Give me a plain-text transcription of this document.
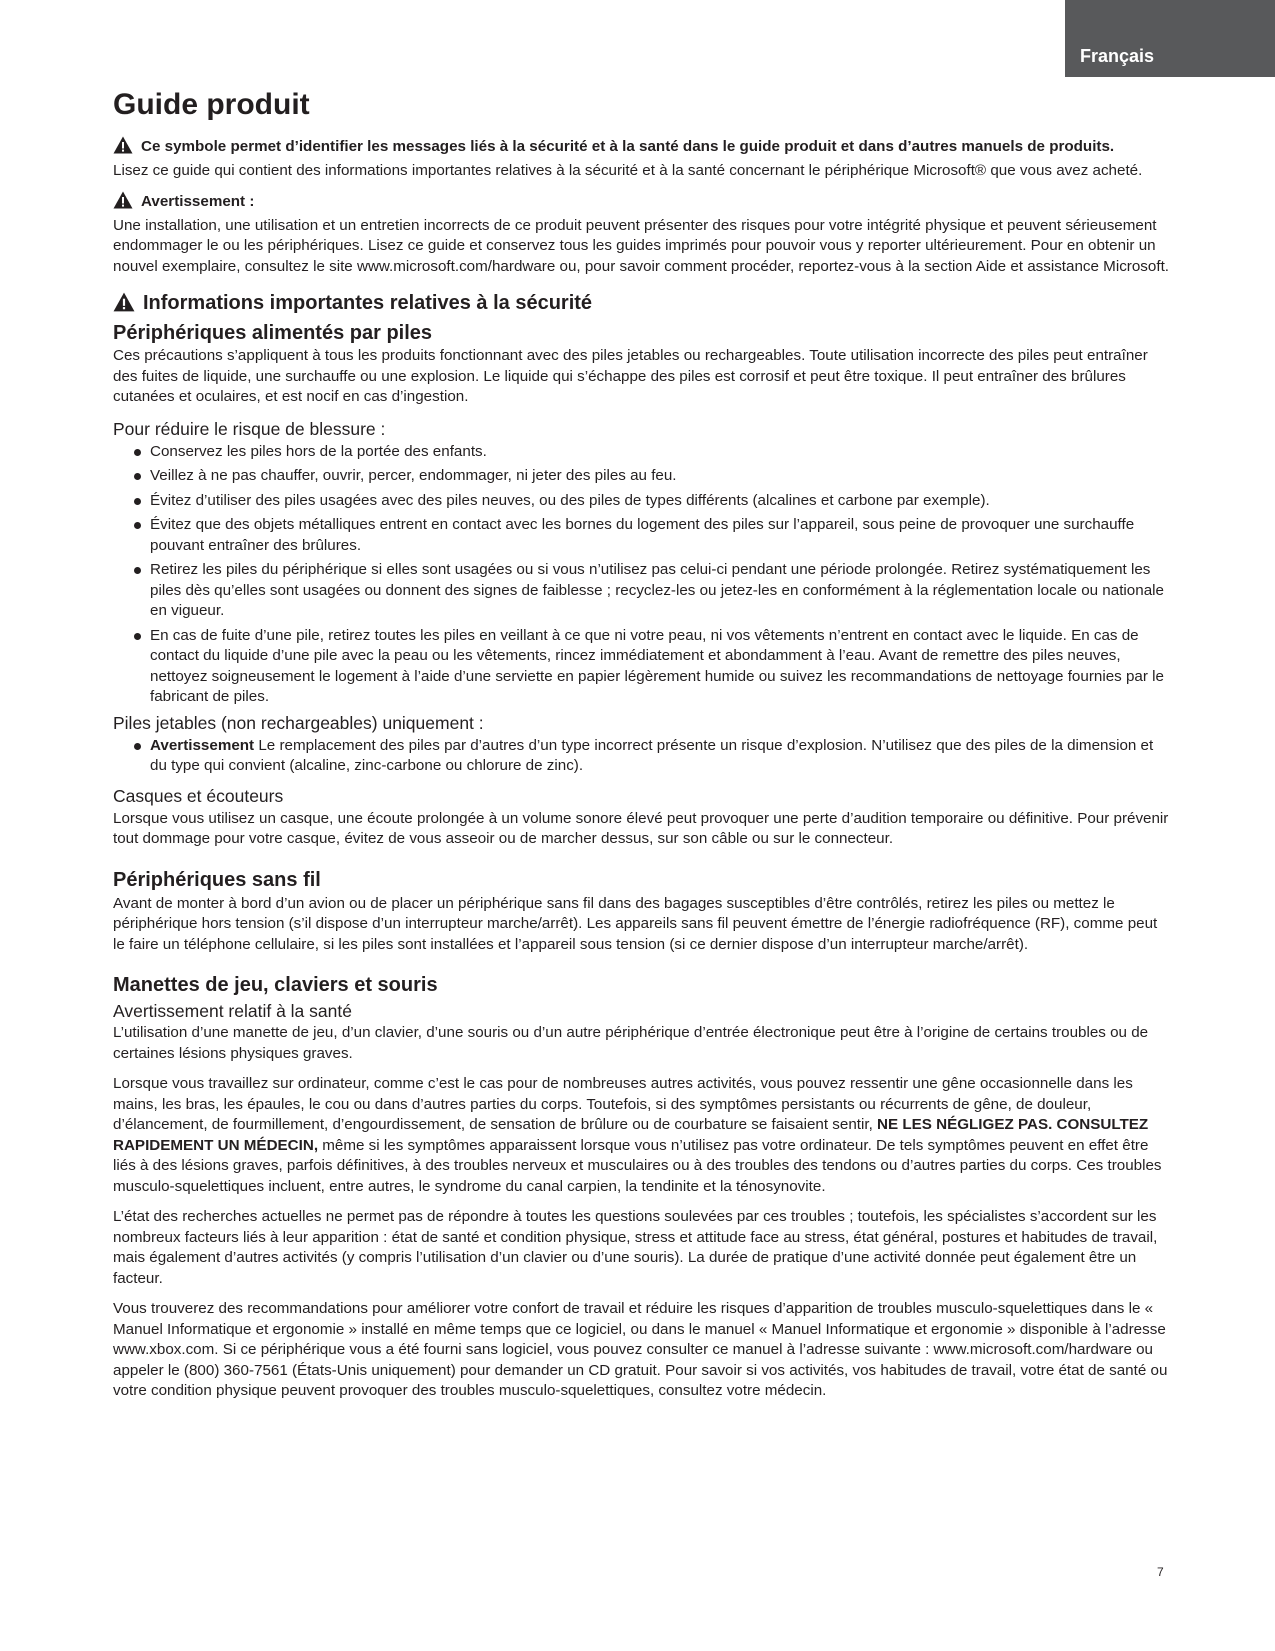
Français
Guide produit

Ce symbole permet d’identifier les messages liés à la sécurité et à la santé dans le guide produit et dans d’autres manuels de produits.

Lisez ce guide qui contient des informations importantes relatives à la sécurité et à la santé concernant le périphérique Microsoft® que vous avez acheté.

Avertissement :

Une installation, une utilisation et un entretien incorrects de ce produit peuvent présenter des risques pour votre intégrité physique et peuvent sérieusement endommager le ou les périphériques. Lisez ce guide et conservez tous les guides imprimés pour pouvoir vous y reporter ultérieurement. Pour en obtenir un nouvel exemplaire, consultez le site www.microsoft.com/hardware ou, pour savoir comment procéder, reportez-vous à la section Aide et assistance Microsoft.

Informations importantes relatives à la sécurité
Périphériques alimentés par piles

Ces précautions s’appliquent à tous les produits fonctionnant avec des piles jetables ou rechargeables. Toute utilisation incorrecte des piles peut entraîner des fuites de liquide, une surchauffe ou une explosion. Le liquide qui s’échappe des piles est corrosif et peut être toxique. Il peut entraîner des brûlures cutanées et oculaires, et est nocif en cas d’ingestion.

Pour réduire le risque de blessure :
Conservez les piles hors de la portée des enfants.
Veillez à ne pas chauffer, ouvrir, percer, endommager, ni jeter des piles au feu.
Évitez d’utiliser des piles usagées avec des piles neuves, ou des piles de types différents (alcalines et carbone par exemple).
Évitez que des objets métalliques entrent en contact avec les bornes du logement des piles sur l’appareil, sous peine de provoquer une surchauffe pouvant entraîner des brûlures.
Retirez les piles du périphérique si elles sont usagées ou si vous n’utilisez pas celui-ci pendant une période prolongée. Retirez systématiquement les piles dès qu’elles sont usagées ou donnent des signes de faiblesse ; recyclez-les ou jetez-les en conformément à la réglementation locale ou nationale en vigueur.
En cas de fuite d’une pile, retirez toutes les piles en veillant à ce que ni votre peau, ni vos vêtements n’entrent en contact avec le liquide. En cas de contact du liquide d’une pile avec la peau ou les vêtements, rincez immédiatement et abondamment à l’eau. Avant de remettre des piles neuves, nettoyez soigneusement le logement à l’aide d’une serviette en papier légèrement humide ou suivez les recommandations de nettoyage fournies par le fabricant de piles.
Piles jetables (non rechargeables) uniquement :
Avertissement Le remplacement des piles par d’autres d’un type incorrect présente un risque d’explosion. N’utilisez que des piles de la dimension et du type qui convient (alcaline, zinc-carbone ou chlorure de zinc).
Casques et écouteurs

Lorsque vous utilisez un casque, une écoute prolongée à un volume sonore élevé peut provoquer une perte d’audition temporaire ou définitive. Pour prévenir tout dommage pour votre casque, évitez de vous asseoir ou de marcher dessus, sur son câble ou sur le connecteur.

Périphériques sans fil

Avant de monter à bord d’un avion ou de placer un périphérique sans fil dans des bagages susceptibles d’être contrôlés, retirez les piles ou mettez le périphérique hors tension (s’il dispose d’un interrupteur marche/arrêt). Les appareils sans fil peuvent émettre de l’énergie radiofréquence (RF), comme peut le faire un téléphone cellulaire, si les piles sont installées et l’appareil sous tension (si ce dernier dispose d’un interrupteur marche/arrêt).

Manettes de jeu, claviers et souris
Avertissement relatif à la santé

L’utilisation d’une manette de jeu, d’un clavier, d’une souris ou d’un autre périphérique d’entrée électronique peut être à l’origine de certains troubles ou de certaines lésions physiques graves.

Lorsque vous travaillez sur ordinateur, comme c’est le cas pour de nombreuses autres activités, vous pouvez ressentir une gêne occasionnelle dans les mains, les bras, les épaules, le cou ou dans d’autres parties du corps. Toutefois, si des symptômes persistants ou récurrents de gêne, de douleur, d’élancement, de fourmillement, d’engourdissement, de sensation de brûlure ou de courbature se faisaient sentir, NE LES NÉGLIGEZ PAS. CONSULTEZ RAPIDEMENT UN MÉDECIN, même si les symptômes apparaissent lorsque vous n’utilisez pas votre ordinateur. De tels symptômes peuvent en effet être liés à des lésions graves, parfois définitives, à des troubles nerveux et musculaires ou à des troubles des tendons ou d’autres parties du corps. Ces troubles musculo-squelettiques incluent, entre autres, le syndrome du canal carpien, la tendinite et la ténosynovite.

L’état des recherches actuelles ne permet pas de répondre à toutes les questions soulevées par ces troubles ; toutefois, les spécialistes s’accordent sur les nombreux facteurs liés à leur apparition : état de santé et condition physique, stress et attitude face au stress, état général, postures et habitudes de travail, mais également d’autres activités (y compris l’utilisation d’un clavier ou d’une souris). La durée de pratique d’une activité donnée peut également être un facteur.

Vous trouverez des recommandations pour améliorer votre confort de travail et réduire les risques d’apparition de troubles musculo-squelettiques dans le « Manuel Informatique et ergonomie » installé en même temps que ce logiciel, ou dans le manuel « Manuel Informatique et ergonomie » disponible à l’adresse www.xbox.com. Si ce périphérique vous a été fourni sans logiciel, vous pouvez consulter ce manuel à l’adresse suivante : www.microsoft.com/hardware ou appeler le (800) 360-7561 (États-Unis uniquement) pour demander un CD gratuit. Pour savoir si vos activités, vos habitudes de travail, votre état de santé ou votre condition physique peuvent provoquer des troubles musculo-squelettiques, consultez votre médecin.

7
